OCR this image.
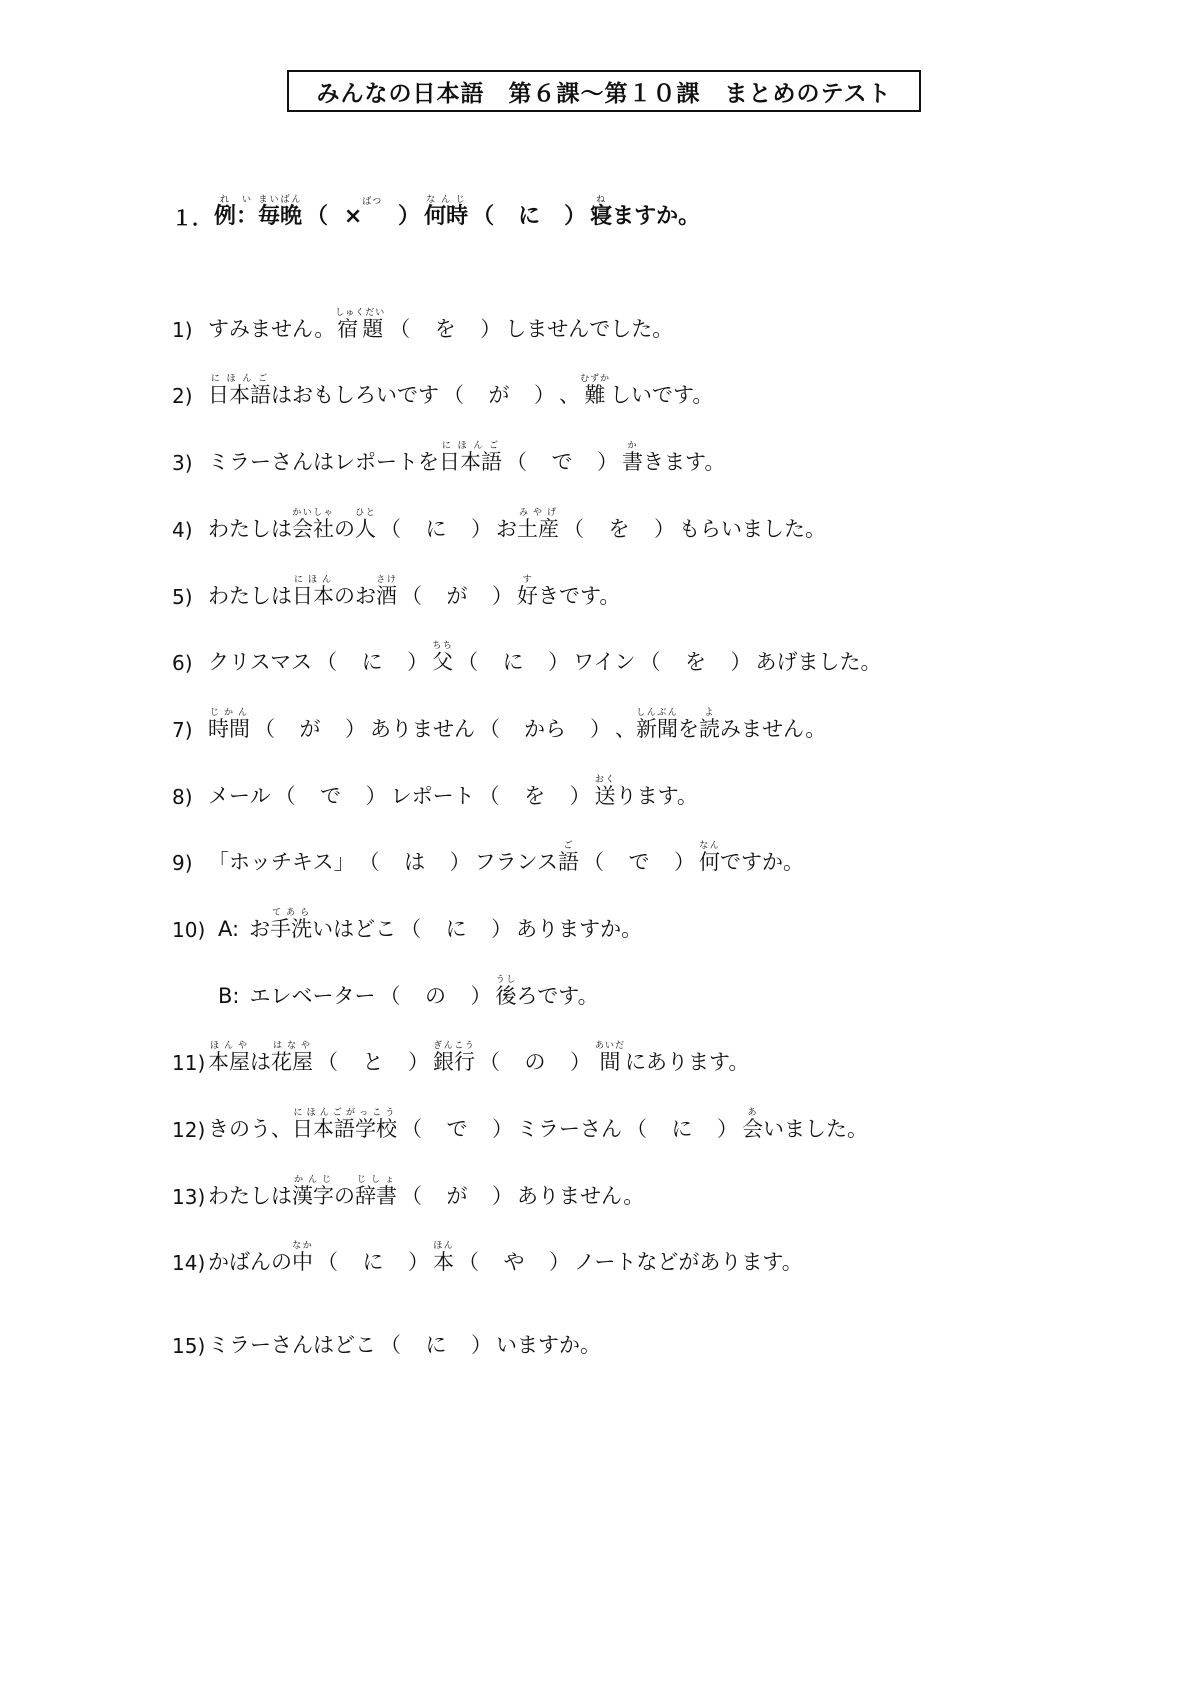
みんなの日本語　第６課〜第１０課　まとめのテスト
１． 例：れい
毎晩まいばん
（ ×ばつ
） 何時なんじ
（	に	） 寝ね
ますか。
1) すみません。 宿題しゅくだい
（	を	） しませんでした。
2) 日本語にほんご
はおもしろいです （	が	） 、 難むずか
しいです。
3) ミラーさんはレポートを 日本語にほんご
（	で	） 書か
きます。
4) わたしは 会社かいしゃ
の 人ひと
（	に	） お 土産みやげ
（	を	） もらいました。
5) わたしは 日本にほん
のお 酒さけ
（	が	） 好す
きです。
6) クリスマス （	に	） 父ちち
（	に	） ワイン （	を	） あげました。
7) 時間じかん
（	が	） ありません （	から	） 、 新聞しんぶん
を 読よ
みません。
8) メール （	で	） レポート （	を	） 送おく
ります。
9) 「ホッチキス」 （	は	） フランス 語ご
（	で	） 何なん
ですか。
10) A: お 手洗てあら
いはどこ （	に	） ありますか。
B: エレベーター （	の	） 後うし
ろです。
11) 本屋ほんや
は 花屋はなや
（	と	） 銀行ぎんこう
（	の	） 間あいだ
にあります。
12) きのう、 日本語学校にほんごがっこう
（	で	） ミラーさん （	に	） 会あ
いました。
13) わたしは 漢字かんじ
の 辞書じしょ
（	が	） ありません。
14) かばんの 中なか
（	に	） 本ほん
（	や	） ノートなどがあります。
15) ミラーさんはどこ （	に	） いますか。
